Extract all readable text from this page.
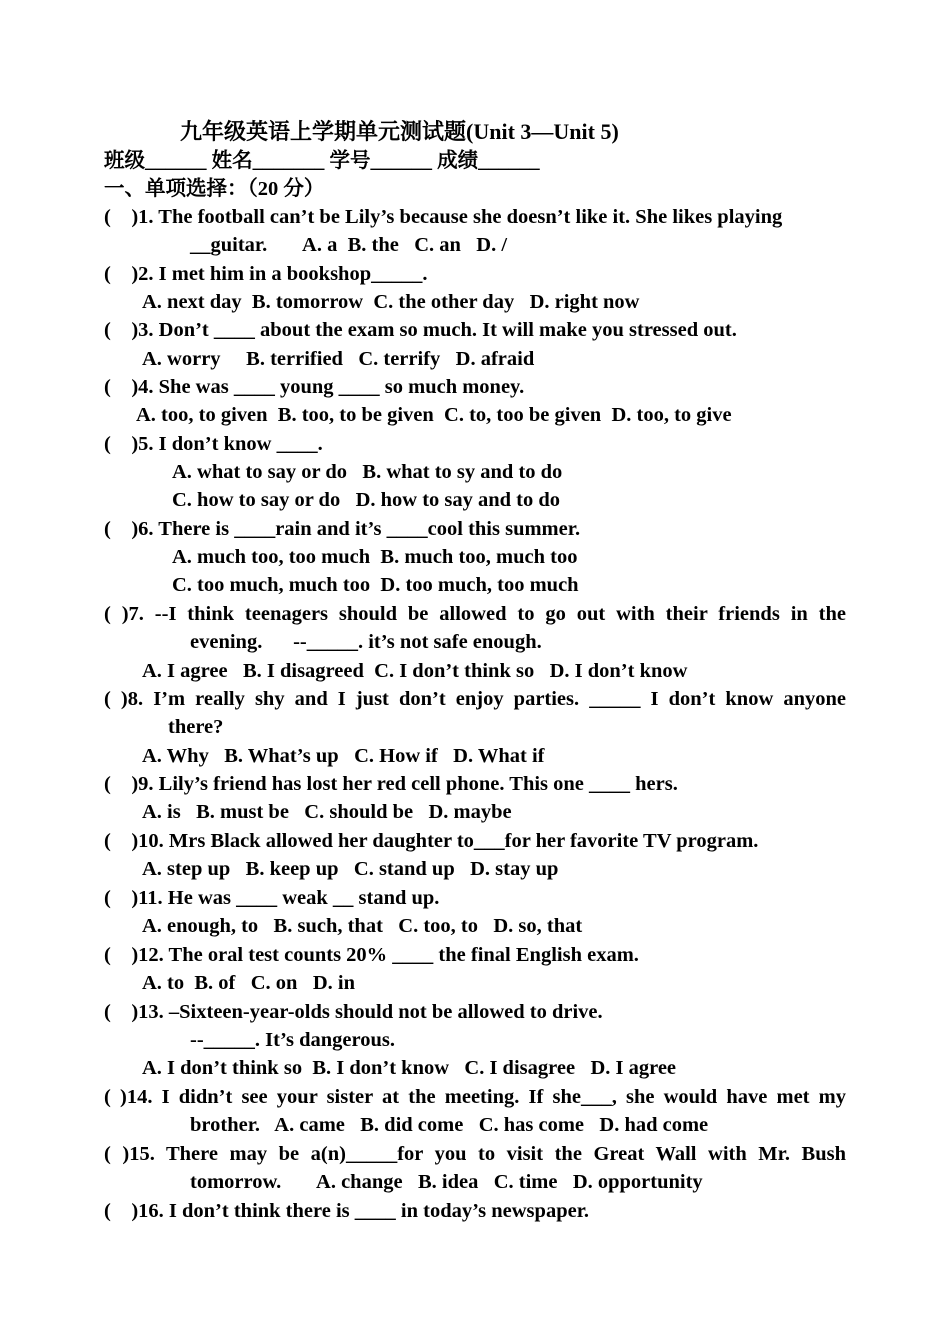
九年级英语上学期单元测试题(Unit 3—Unit 5)
班级______ 姓名_______ 学号______ 成绩______
一、单项选择：（20 分）
(    )1. The football can’t be Lily’s because she doesn’t like it. She likes playing
__guitar.       A. a  B. the   C. an   D. /
(    )2. I met him in a bookshop_____.
A. next day  B. tomorrow  C. the other day   D. right now
(    )3. Don’t ____ about the exam so much. It will make you stressed out.
A. worry     B. terrified   C. terrify   D. afraid
(    )4. She was ____ young ____ so much money.
A. too, to given  B. too, to be given  C. to, too be given  D. too, to give
(    )5. I don’t know ____.
A. what to say or do   B. what to sy and to do
C. how to say or do   D. how to say and to do
(    )6. There is ____rain and it’s ____cool this summer.
A. much too, too much  B. much too, much too
C. too much, much too  D. too much, too much
( )7. --I think teenagers should be allowed to go out with their friends in the
evening.      --_____. it’s not safe enough.
A. I agree   B. I disagreed  C. I don’t think so   D. I don’t know
( )8. I’m really shy and I just don’t enjoy parties. _____ I don’t know anyone
there?
A. Why   B. What’s up   C. How if   D. What if
(    )9. Lily’s friend has lost her red cell phone. This one ____ hers.
A. is   B. must be   C. should be   D. maybe
(    )10. Mrs Black allowed her daughter to___for her favorite TV program.
A. step up   B. keep up   C. stand up   D. stay up
(    )11. He was ____ weak __ stand up.
A. enough, to   B. such, that   C. too, to   D. so, that
(    )12. The oral test counts 20% ____ the final English exam.
A. to  B. of   C. on   D. in
(    )13. –Sixteen-year-olds should not be allowed to drive.
--_____. It’s dangerous.
A. I don’t think so  B. I don’t know   C. I disagree   D. I agree
( )14. I didn’t see your sister at the meeting. If she___, she would have met my
brother.   A. came   B. did come   C. has come   D. had come
( )15. There may be a(n)_____for you to visit the Great Wall with Mr. Bush
tomorrow.       A. change   B. idea   C. time   D. opportunity
(    )16. I don’t think there is ____ in today’s newspaper.
